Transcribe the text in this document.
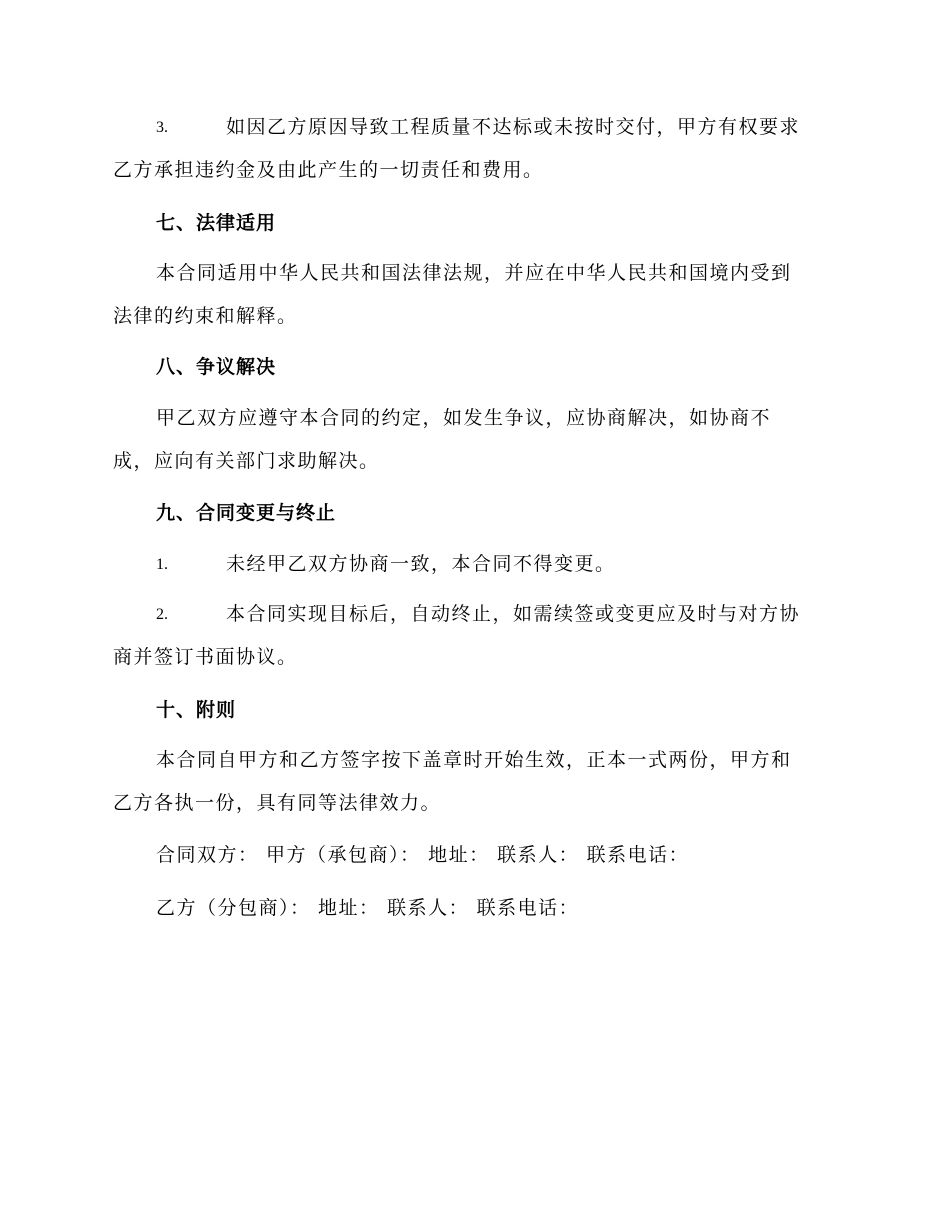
3.	如因乙方原因导致工程质量不达标或未按时交付，甲方有权要求
乙方承担违约金及由此产生的一切责任和费用。
七、法律适用
本合同适用中华人民共和国法律法规，并应在中华人民共和国境内受到
法律的约束和解释。
八、争议解决
甲乙双方应遵守本合同的约定，如发生争议，应协商解决，如协商不
成，应向有关部门求助解决。
九、合同变更与终止
1.	未经甲乙双方协商一致，本合同不得变更。
2.	本合同实现目标后，自动终止，如需续签或变更应及时与对方协
商并签订书面协议。
十、附则
本合同自甲方和乙方签字按下盖章时开始生效，正本一式两份，甲方和
乙方各执一份，具有同等法律效力。
合同双方： 甲方（承包商）： 地址： 联系人： 联系电话：
乙方（分包商）： 地址： 联系人： 联系电话：
